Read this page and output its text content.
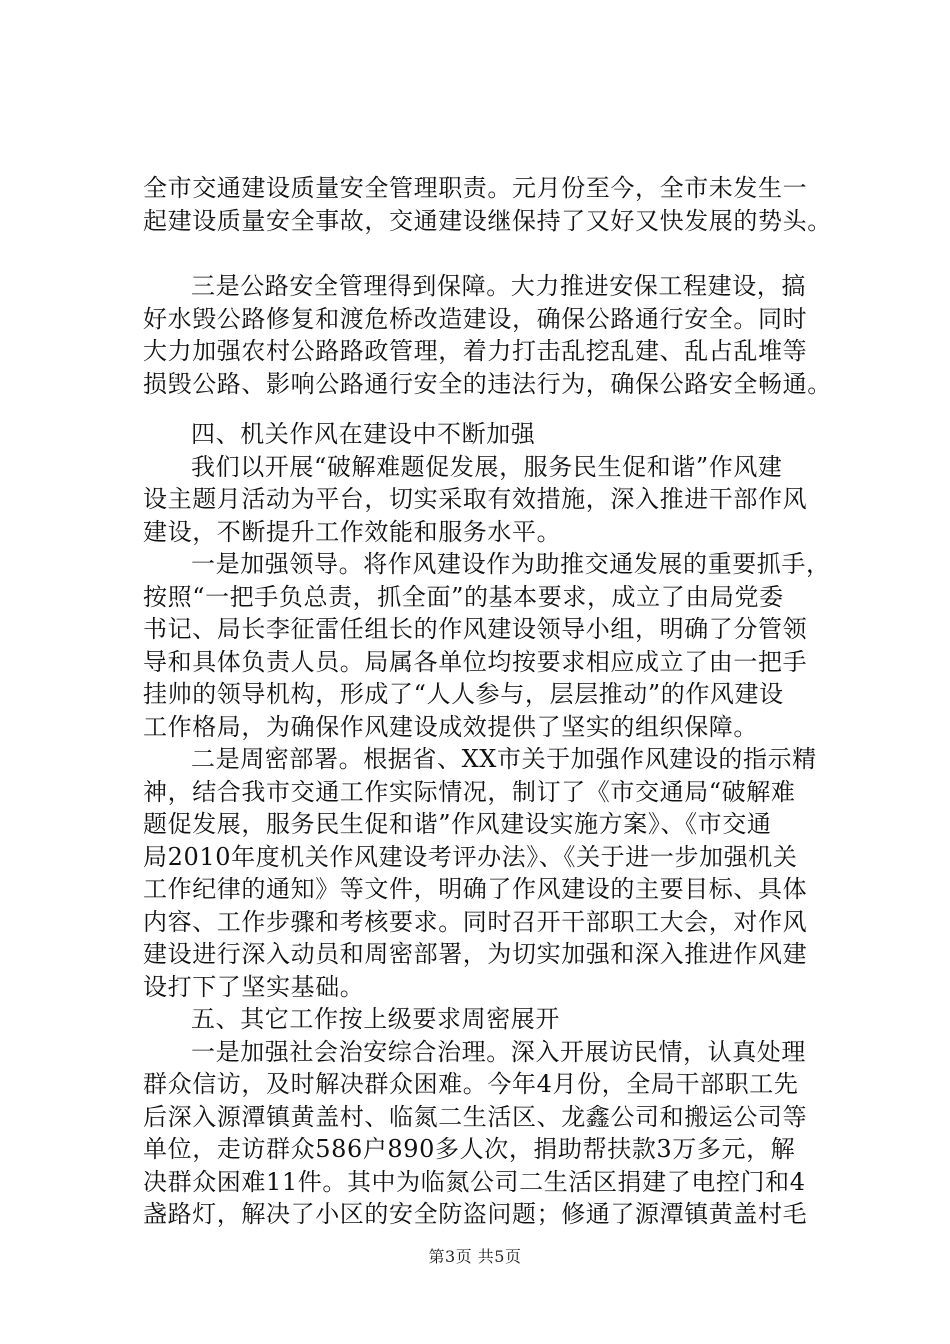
全市交通建设质量安全管理职责。元月份至今，全市未发生一
起建设质量安全事故，交通建设继保持了又好又快发展的势头。
三是公路安全管理得到保障。大力推进安保工程建设，搞
好水毁公路修复和渡危桥改造建设，确保公路通行安全。同时
大力加强农村公路路政管理，着力打击乱挖乱建、乱占乱堆等
损毁公路、影响公路通行安全的违法行为，确保公路安全畅通。
四、机关作风在建设中不断加强
我们以开展“破解难题促发展，服务民生促和谐”作风建
设主题月活动为平台，切实采取有效措施，深入推进干部作风
建设，不断提升工作效能和服务水平。
一是加强领导。将作风建设作为助推交通发展的重要抓手，
按照“一把手负总责，抓全面”的基本要求，成立了由局党委
书记、局长李征雷任组长的作风建设领导小组，明确了分管领
导和具体负责人员。局属各单位均按要求相应成立了由一把手
挂帅的领导机构，形成了“人人参与，层层推动”的作风建设
工作格局，为确保作风建设成效提供了坚实的组织保障。
二是周密部署。根据省、XX市关于加强作风建设的指示精
神，结合我市交通工作实际情况，制订了《市交通局“破解难
题促发展，服务民生促和谐”作风建设实施方案》、《市交通
局2010年度机关作风建设考评办法》、《关于进一步加强机关
工作纪律的通知》等文件，明确了作风建设的主要目标、具体
内容、工作步骤和考核要求。同时召开干部职工大会，对作风
建设进行深入动员和周密部署，为切实加强和深入推进作风建
设打下了坚实基础。
五、其它工作按上级要求周密展开
一是加强社会治安综合治理。深入开展访民情，认真处理
群众信访，及时解决群众困难。今年4月份，全局干部职工先
后深入源潭镇黄盖村、临氮二生活区、龙鑫公司和搬运公司等
单位，走访群众586户890多人次，捐助帮扶款3万多元，解
决群众困难11件。其中为临氮公司二生活区捐建了电控门和4
盏路灯，解决了小区的安全防盗问题；修通了源潭镇黄盖村毛
第3页 共5页
